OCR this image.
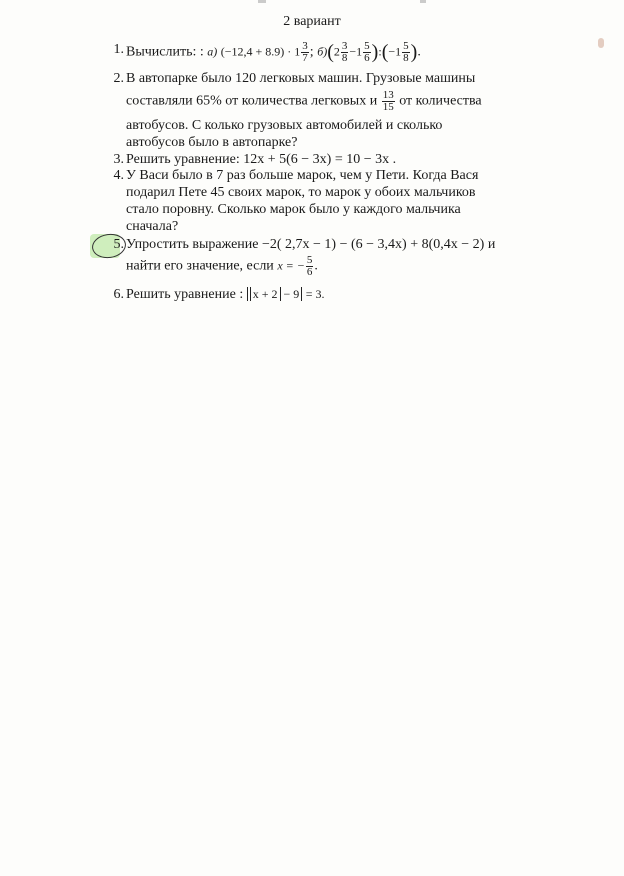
2 вариант
1. Вычислить: : а) $(-12,4 + 8.9) \cdot 1 \frac{3}{7}$ ; $б)(2 \frac{3}{8} -1 \frac{5}{6}$ ):(−1 $\frac{5}{8}$ ).
2. В автопарке было 120 легковых машин. Грузовые машины
составляли 65% от количества легковых и $\frac{13}{15}$ от количества
автобусов. С колько грузовых автомобилей и сколько
автобусов было в автопарке?
3. Решить уравнение: 12x + 5(6 − 3x) = 10 − 3x .
4. У Васи было в 7 раз больше марок, чем у Пети. Когда Вася
подарил Пете 45 своих марок, то марок у обоих мальчиков
стало поровну. Сколько марок было у каждого мальчика
сначала?
5. Упростить выражение −2( 2,7x − 1) − (6 − 3,4x) + 8(0,4x − 2) и
найти его значение, если x = − $\frac{5}{6}$ .
6. Решить уравнение : x + 2 − 9 = 3.
